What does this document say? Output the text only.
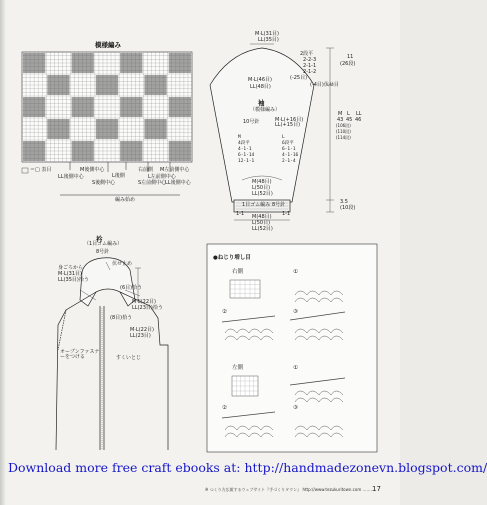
模様編み
＝□ 表目
LL後側中心
M後側中心
S後側中心
L後側
右前側
L左前側中心
M左前側中心
S左前側中心
LL後側中心
編み始め
M·L(31目)
LL(35目)
2段平
2-2-3
2-1-1
2-1-2
(-25目)
(-4目)伏せ目
M·L(46目)
LL(48目)
袖
（模様編み）
10号針	M·L(+16目)
LL(+15目)
M
4段平
4-1-1
6-1-14
12-1-1
L
6段平
6-1-1
4-1-16
2-1-4
M(48目)
L(50目)
LL(52目)
1目ゴム編み 8号針
1-1	1-1
M(48目)
L(50目)
LL(52目)
11
(26段)
M L LL
43 45 46
(106段)
(110段)
(114段)
3.5
(10段)
衿
（1目ゴム編み）
8号針
伏せ止め
身ごろから
M·L(31目)
LL(35目)拾う
(6目)拾う
M·L(22目)
LL(23目)拾う
(8目)拾う
M·L(22目)
LL(23目)
オープンファスナーをつける	すくいとじ
●ねじり増し目
右側	①
②	③
左側	①
②	③
Download more free craft ebooks at: http://handmadezonevn.blogspot.com/
※ つくり方広報するウェブサイト『手づくりタウン』 http://www.tezukuritown.com ………
17
